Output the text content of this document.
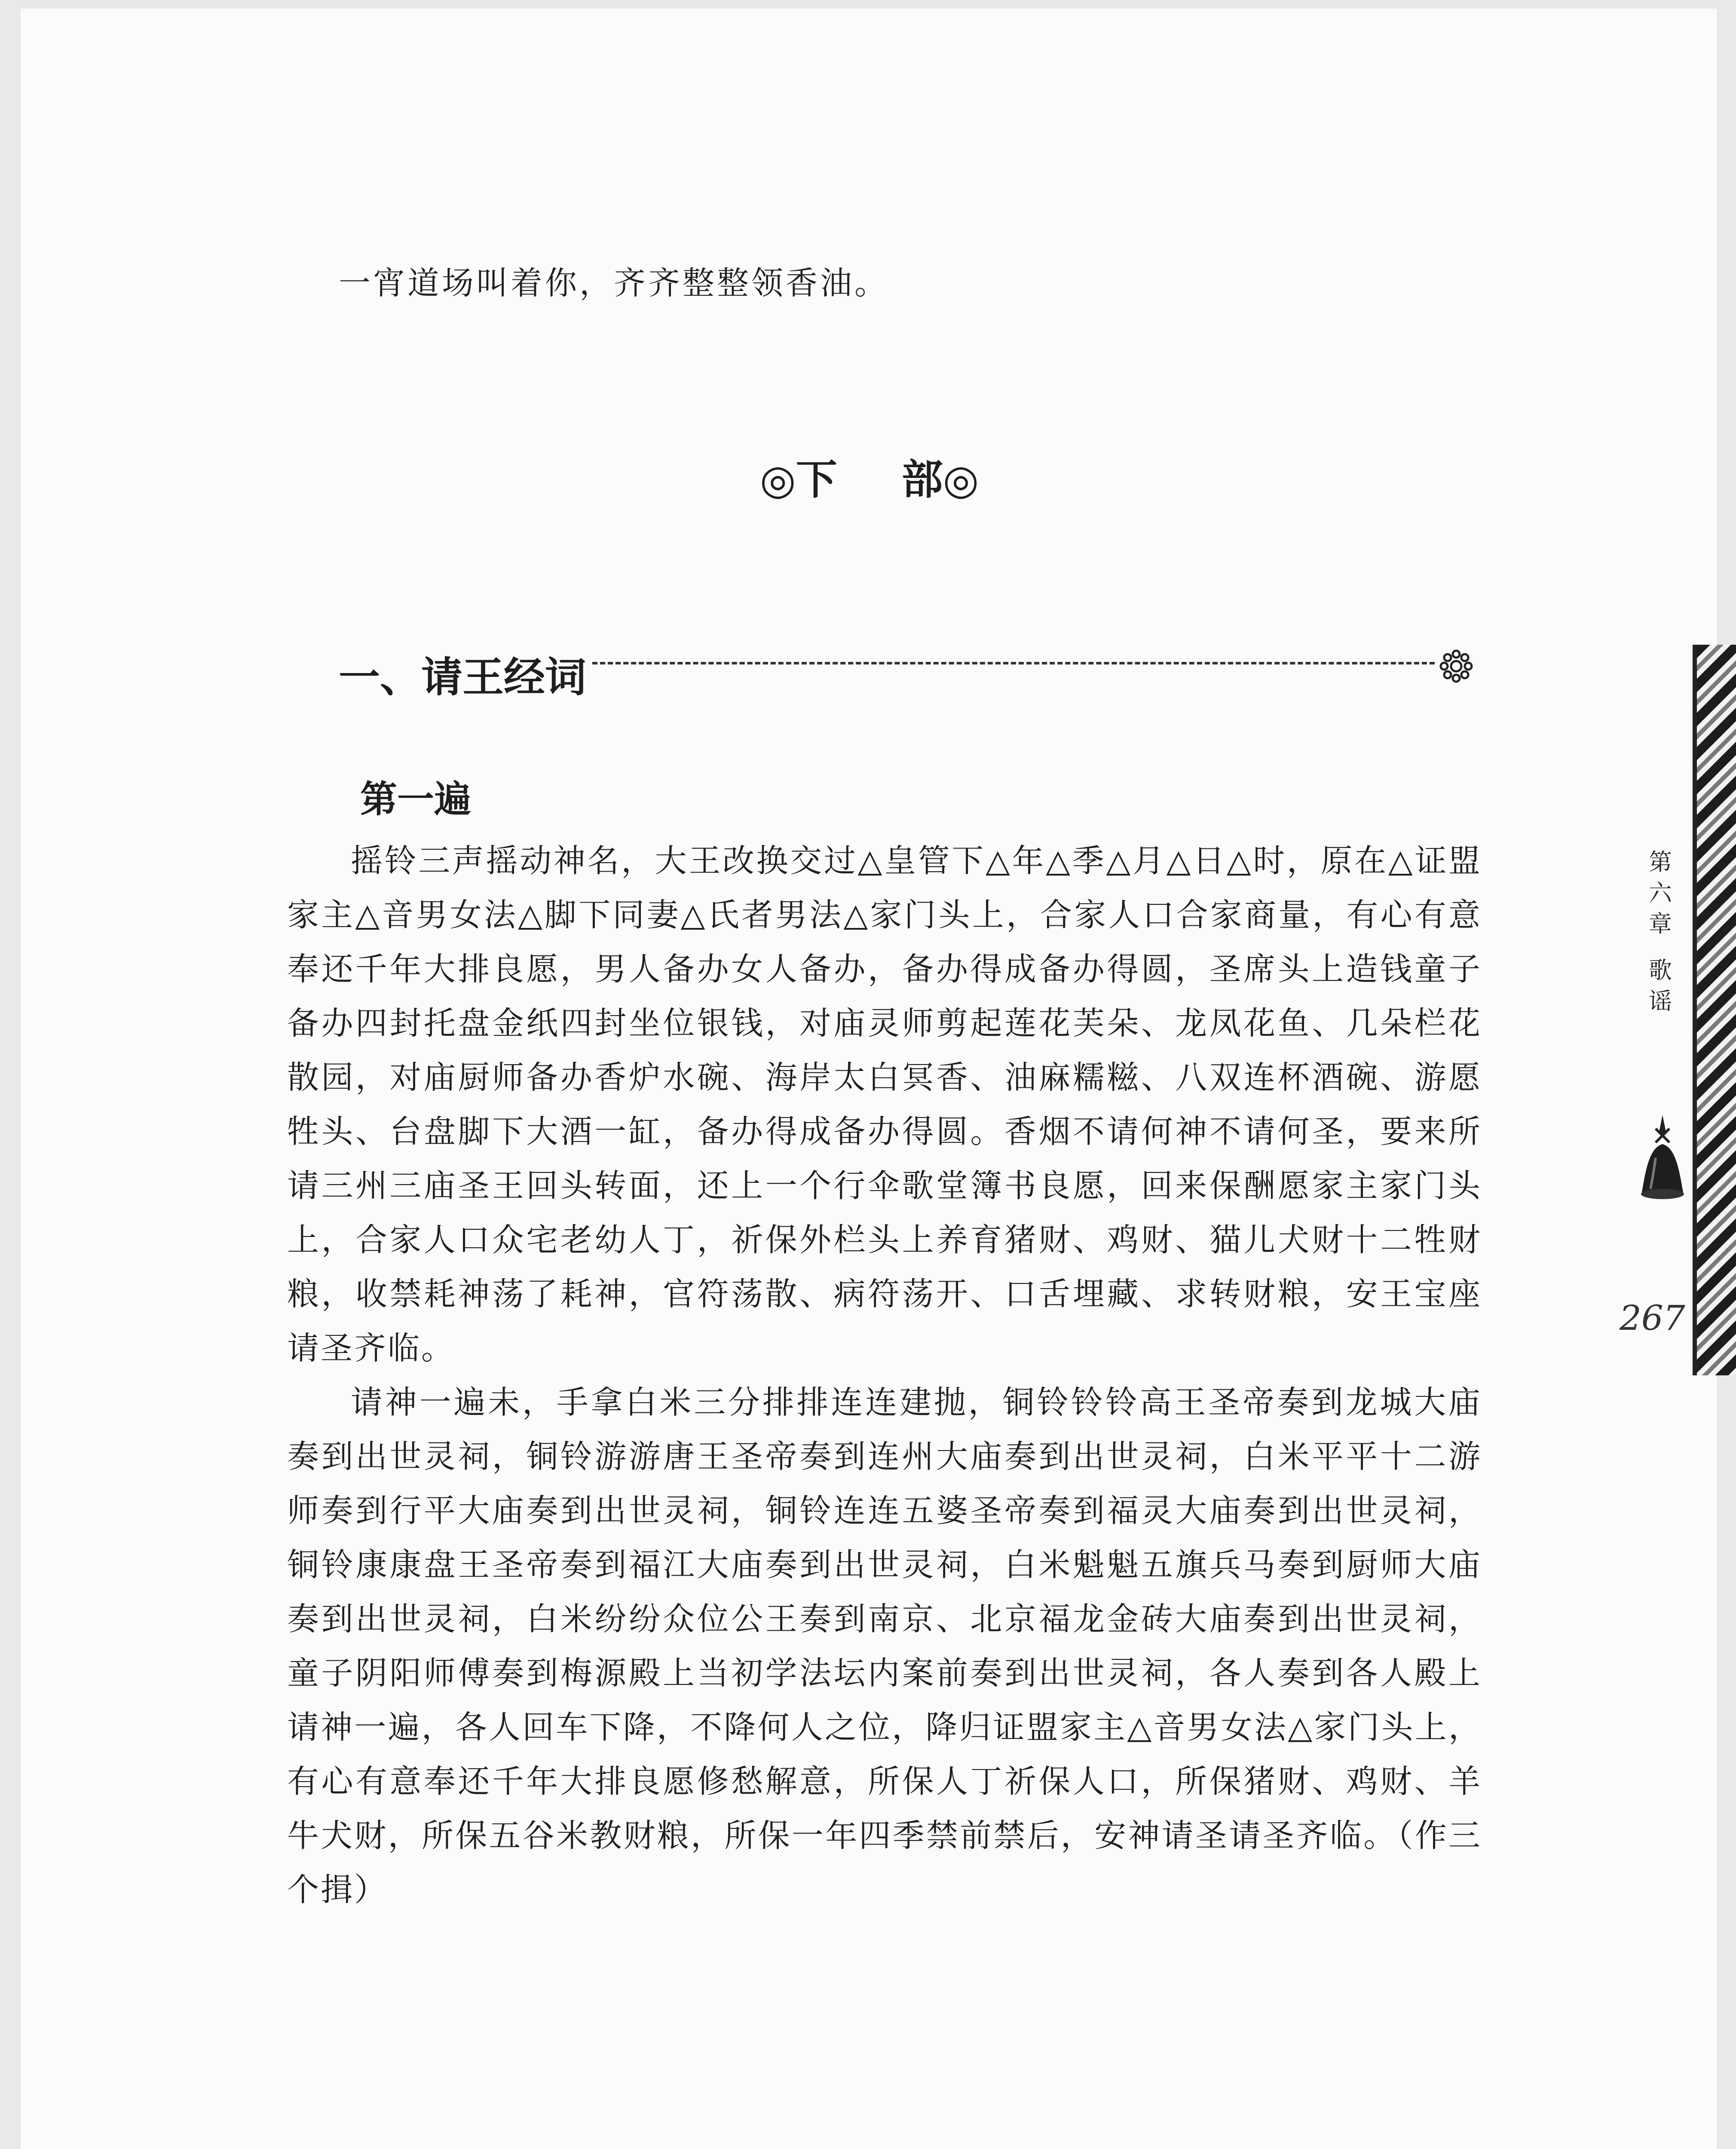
一宵道场叫着你，齐齐整整领香油。
◎下 部◎
一、请王经词
第一遍

摇铃三声摇动神名，大王改换交过△皇管下△年△季△月△日△时，原在△证盟家主△音男女法△脚下同妻△氏者男法△家门头上，合家人口合家商量，有心有意奉还千年大排良愿，男人备办女人备办，备办得成备办得圆，圣席头上造钱童子备办四封托盘金纸四封坐位银钱，对庙灵师剪起莲花芙朵、龙凤花鱼、几朵栏花散园，对庙厨师备办香炉水碗、海岸太白冥香、油麻糯糍、八双连杯酒碗、游愿牲头、台盘脚下大酒一缸，备办得成备办得圆。香烟不请何神不请何圣，要来所请三州三庙圣王回头转面，还上一个行伞歌堂簿书良愿，回来保酬愿家主家门头上，合家人口众宅老幼人丁，祈保外栏头上养育猪财、鸡财、猫儿犬财十二牲财粮，收禁耗神荡了耗神，官符荡散、病符荡开、口舌埋藏、求转财粮，安王宝座请圣齐临。

请神一遍未，手拿白米三分排排连连建抛，铜铃铃铃高王圣帝奏到龙城大庙奏到出世灵祠，铜铃游游唐王圣帝奏到连州大庙奏到出世灵祠，白米平平十二游师奏到行平大庙奏到出世灵祠，铜铃连连五婆圣帝奏到福灵大庙奏到出世灵祠，铜铃康康盘王圣帝奏到福江大庙奏到出世灵祠，白米魁魁五旗兵马奏到厨师大庙奏到出世灵祠，白米纷纷众位公王奏到南京、北京福龙金砖大庙奏到出世灵祠，童子阴阳师傅奏到梅源殿上当初学法坛内案前奏到出世灵祠，各人奏到各人殿上请神一遍，各人回车下降，不降何人之位，降归证盟家主△音男女法△家门头上，有心有意奉还千年大排良愿修愁解意，所保人丁祈保人口，所保猪财、鸡财、羊牛犬财，所保五谷米教财粮，所保一年四季禁前禁后，安神请圣请圣齐临。（作三个揖）

第
六
章
歌
谣
267
